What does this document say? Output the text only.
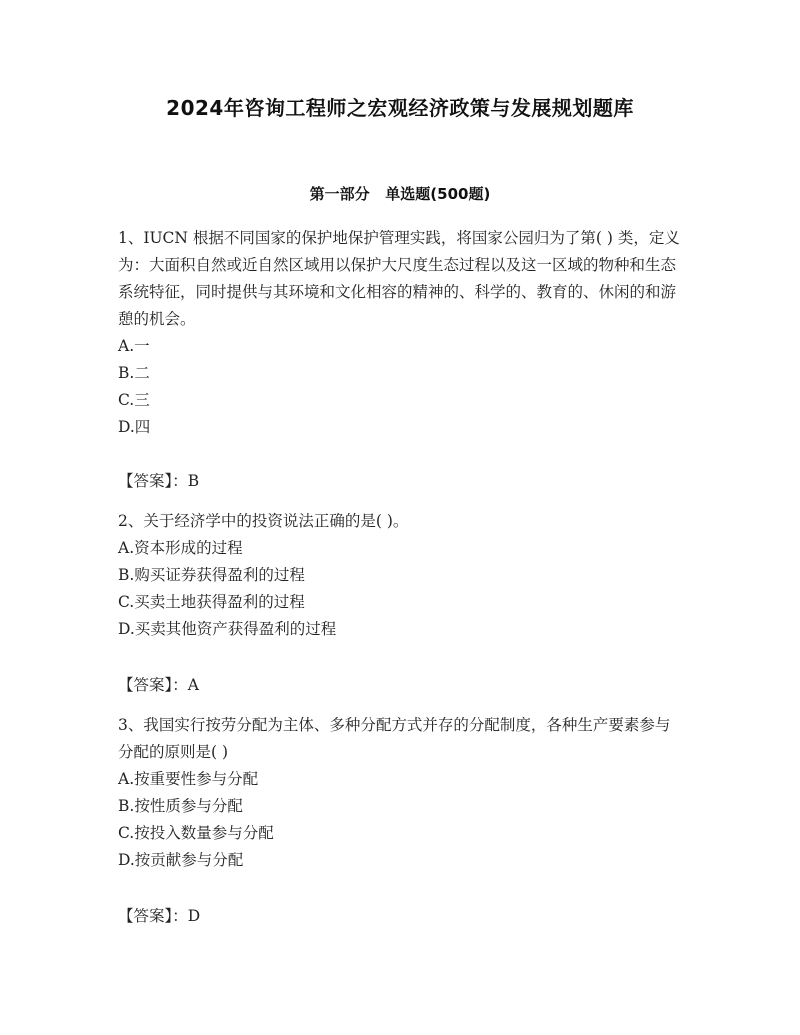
2024年咨询工程师之宏观经济政策与发展规划题库
第一部分   单选题(500题)

1、IUCN 根据不同国家的保护地保护管理实践，将国家公园归为了第( ) 类，定义为：大面积自然或近自然区域用以保护大尺度生态过程以及这一区域的物种和生态系统特征，同时提供与其环境和文化相容的精神的、科学的、教育的、休闲的和游憩的机会。

A.一

B.二

C.三

D.四

【答案】：B

2、关于经济学中的投资说法正确的是( )。

A.资本形成的过程

B.购买证券获得盈利的过程

C.买卖土地获得盈利的过程

D.买卖其他资产获得盈利的过程

【答案】：A

3、我国实行按劳分配为主体、多种分配方式并存的分配制度，各种生产要素参与分配的原则是( )

A.按重要性参与分配

B.按性质参与分配

C.按投入数量参与分配

D.按贡献参与分配

【答案】：D
